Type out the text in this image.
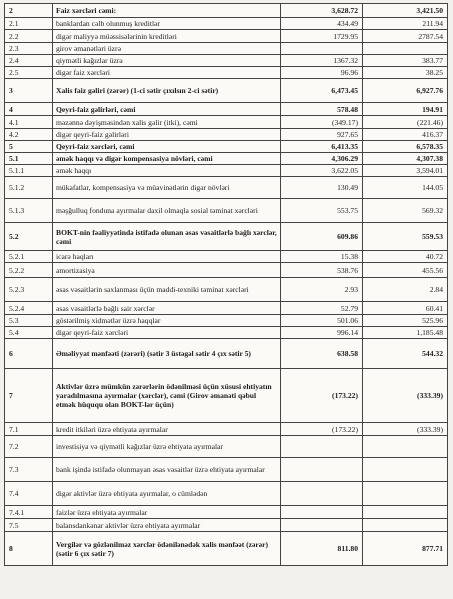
2	Faiz xərcləri cəmi:	3,628.72	3,421.50
2.1	banklardan cəlb olunmuş kreditlər	434.49	211.94
2.2	digər maliyyə müəssisələrinin kreditləri	1729.95	2787.54
2.3	girov əmanətləri üzrə		
2.4	qiymətli kağızlar üzrə	1367.32	383.77
2.5	digər faiz xərcləri	96.96	38.25
3	Xalis faiz gəliri (zərər) (1-ci sətir çıxılsın 2-ci sətir)	6,473.45	6,927.76
4	Qeyri-faiz gəlirləri, cəmi	578.48	194.91
4.1	məzənnə dəyişməsindən xalis gəlir (itki), cəmi	(349.17)	(221.46)
4.2	digər qeyri-faiz gəlirləri	927.65	416.37
5	Qeyri-faiz xərcləri, cəmi	6,413.35	6,578.35
5.1	əmək haqqı və digər kompensasiya növləri, cəmi	4,306.29	4,307.38
5.1.1	əmək haqqı	3,622.05	3,594.01
5.1.2	mükafatlar, kompensasiya və müavinətlərin digər növləri	130.49	144.05
5.1.3	məşğulluq fonduna ayırmalar daxil olmaqla sosial təminat xərcləri	553.75	569.32
5.2	BOKT-nin fəaliyyətində istifadə olunan əsas vəsaitlərlə bağlı xərclər, cəmi	609.86	559.53
5.2.1	icarə haqları	15.38	40.72
5.2.2	amortizasiya	538.76	455.56
5.2.3	əsas vəsaitlərin saxlanması üçün maddi-texniki təminat xərcləri	2.93	2.84
5.2.4	əsas vəsaitlərlə bağlı sair xərclər	52.79	60.41
5.3	göstərilmiş xidmətlər üzrə haqqlar	501.06	525.96
5.4	digər qeyri-faiz xərcləri	996.14	1,185.48
6	Əməliyyat mənfəəti (zərəri) (sətir 3 üstəgəl sətir 4 çıx sətir 5)	638.58	544.32
7	Aktivlər üzrə mümkün zərərlərin ödənilməsi üçün xüsusi ehtiyatın yaradılmasına ayırmalar (xərclər), cəmi (Girov əmanəti qəbul etmək hüququ olan BOKT-lər üçün)	(173.22)	(333.39)
7.1	kredit itkiləri üzrə ehtiyata ayırmalar	(173.22)	(333.39)
7.2	investisiya və qiymətli kağızlar üzrə ehtiyata ayırmalar		
7.3	bank işində istifadə olunmayan əsas vəsaitlər üzrə ehtiyata ayırmalar		
7.4	digər aktivlər üzrə ehtiyata ayırmalar, o cümlədən		
7.4.1	faizlər üzrə ehtiyata ayırmalar		
7.5	balansdankənar aktivlər üzrə ehtiyata ayırmalar		
8	Vergilər və gözlənilməz xərclər ödənilənədək xalis mənfəət (zərər) (sətir 6 çıx sətir 7)	811.80	877.71
